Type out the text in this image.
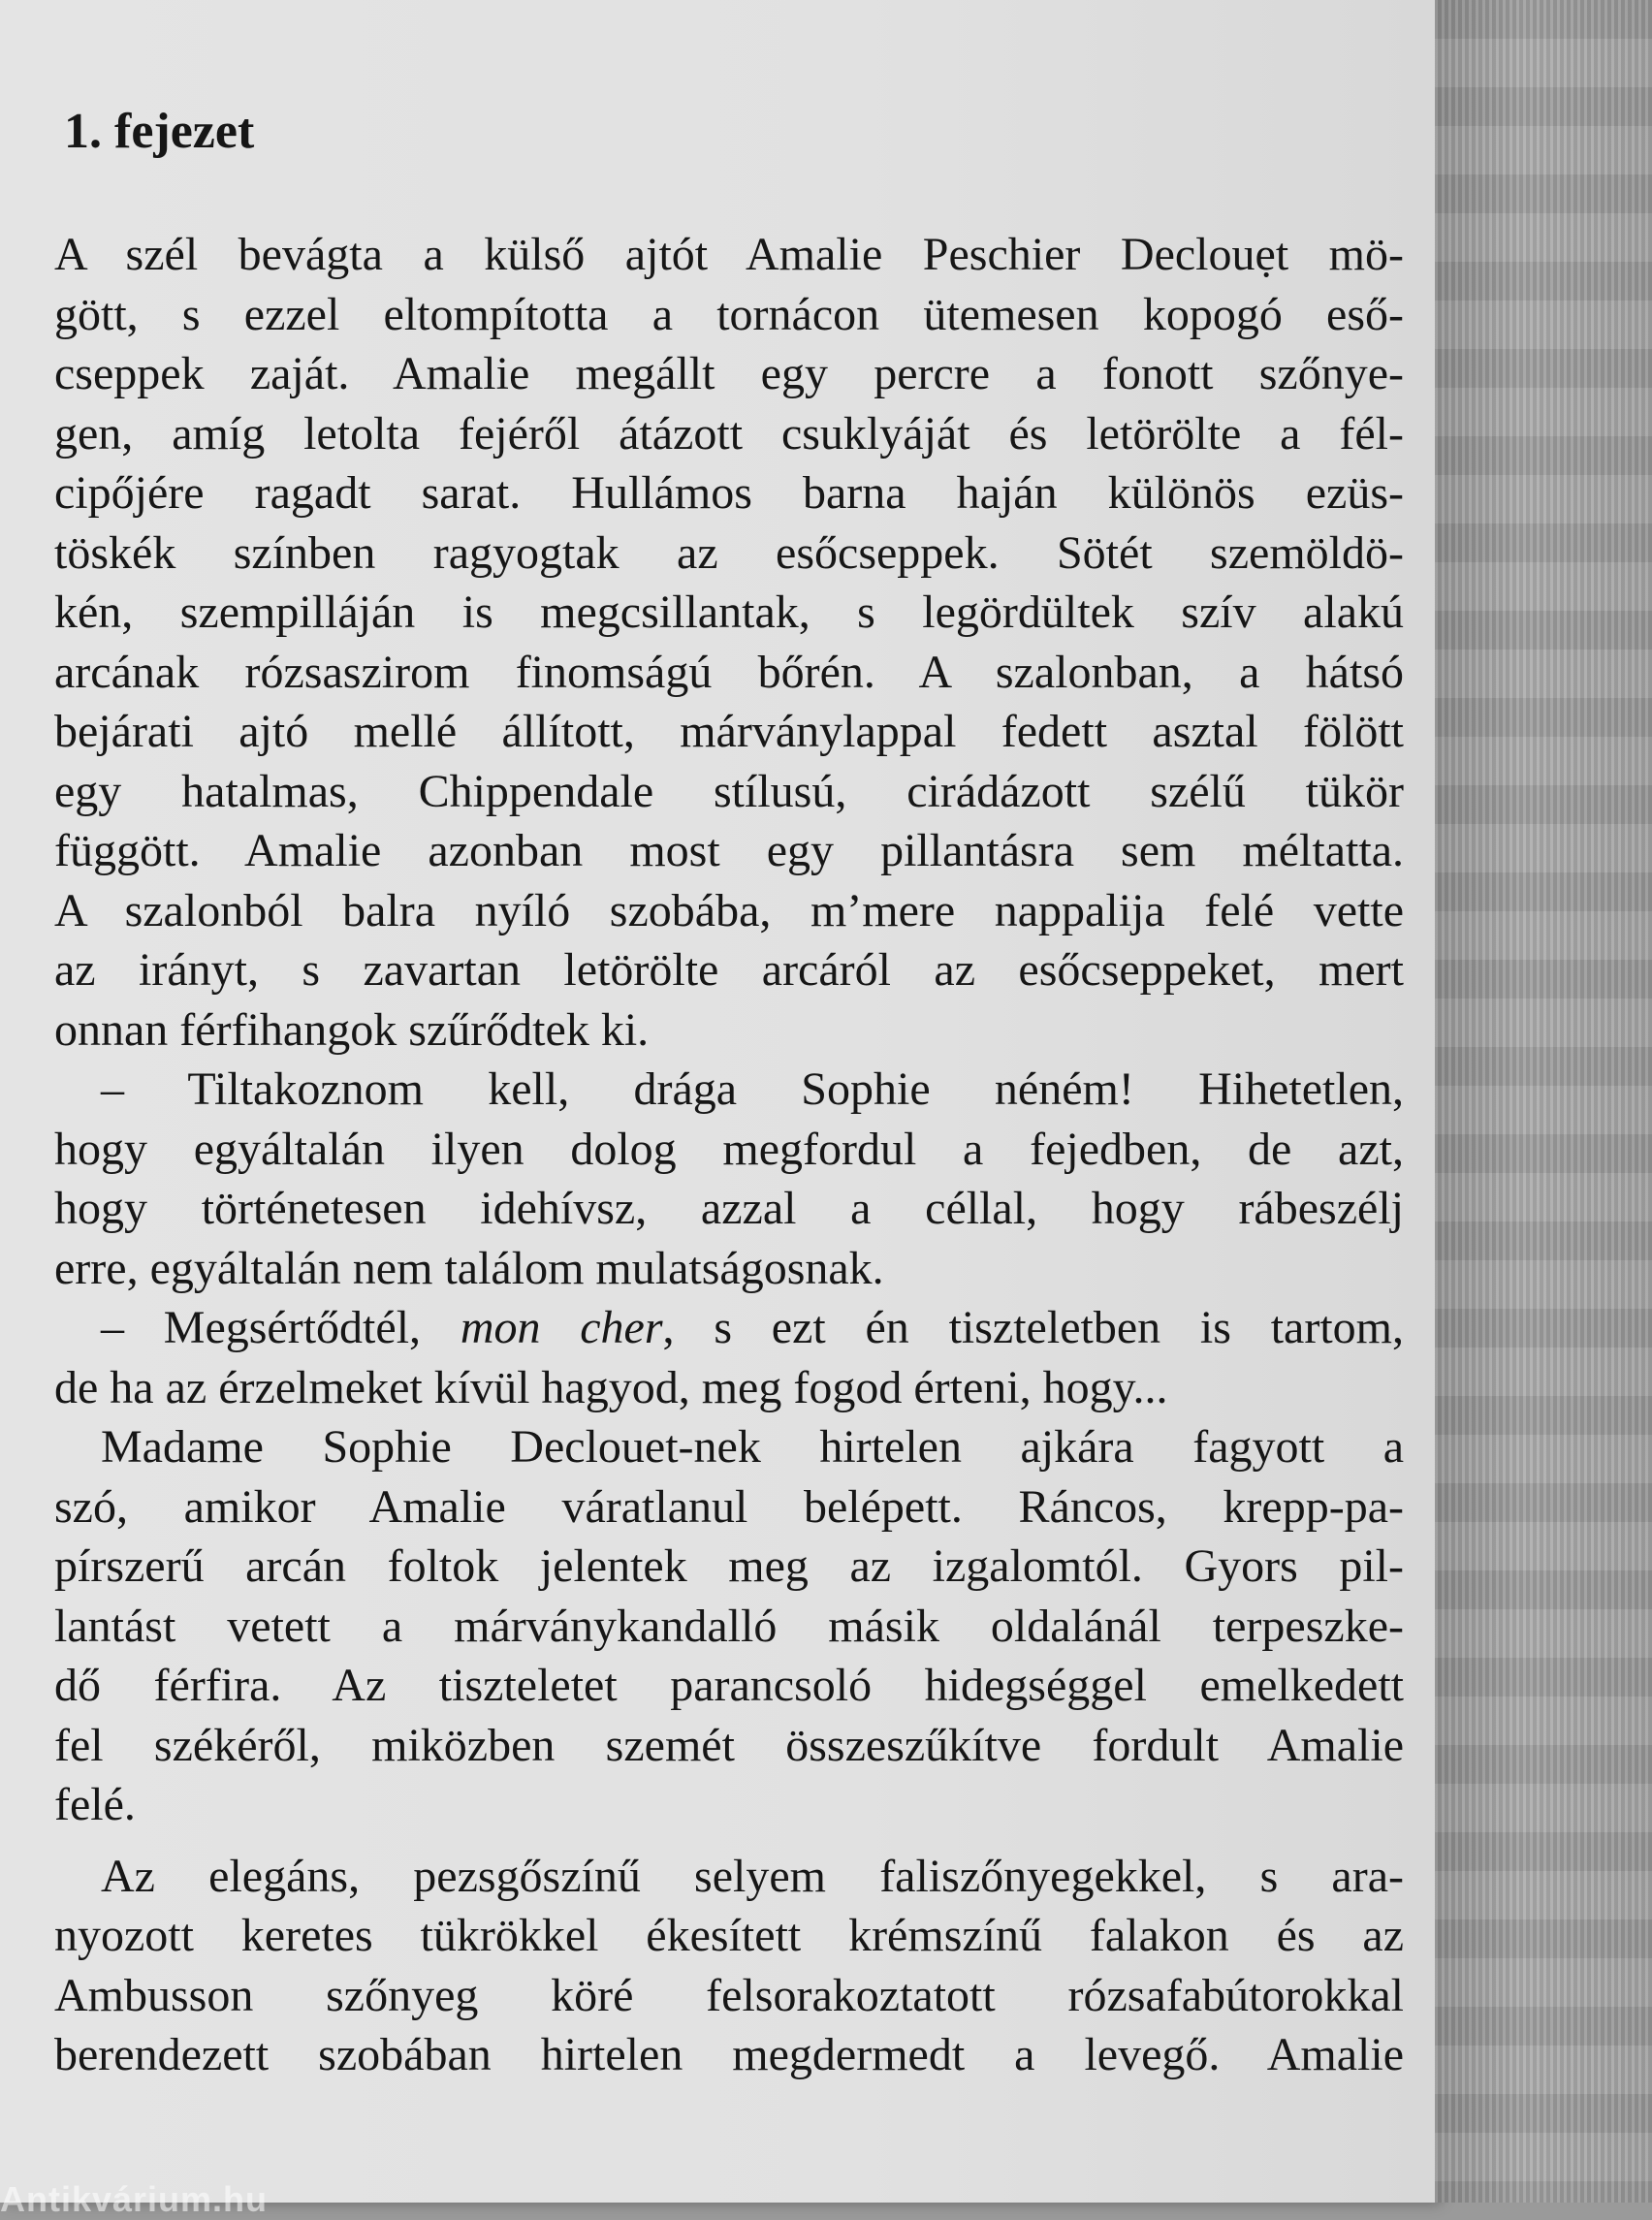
1. fejezet
A szél bevágta a külső ajtót Amalie Peschier Declouẹt mö-
gött, s ezzel eltompította a tornácon ütemesen kopogó eső-
cseppek zaját. Amalie megállt egy percre a fonott szőnye-
gen, amíg letolta fejéről átázott csuklyáját és letörölte a fél-
cipőjére ragadt sarat. Hullámos barna haján különös ezüs-
töskék színben ragyogtak az esőcseppek. Sötét szemöldö-
kén, szempilláján is megcsillantak, s legördültek szív alakú
arcának rózsaszirom finomságú bőrén. A szalonban, a hátsó
bejárati ajtó mellé állított, márványlappal fedett asztal fölött
egy hatalmas, Chippendale stílusú, cirádázott szélű tükör
függött. Amalie azonban most egy pillantásra sem méltatta.
A szalonból balra nyíló szobába, m’mere nappalija felé vette
az irányt, s zavartan letörölte arcáról az esőcseppeket, mert
onnan férfihangok szűrődtek ki.
– Tiltakoznom kell, drága Sophie néném! Hihetetlen,
hogy egyáltalán ilyen dolog megfordul a fejedben, de azt,
hogy történetesen idehívsz, azzal a céllal, hogy rábeszélj
erre, egyáltalán nem találom mulatságosnak.
– Megsértődtél, mon cher, s ezt én tiszteletben is tartom,
de ha az érzelmeket kívül hagyod, meg fogod érteni, hogy...
Madame Sophie Declouet-nek hirtelen ajkára fagyott a
szó, amikor Amalie váratlanul belépett. Ráncos, krepp-pa-
pírszerű arcán foltok jelentek meg az izgalomtól. Gyors pil-
lantást vetett a márványkandalló másik oldalánál terpeszke-
dő férfira. Az tiszteletet parancsoló hidegséggel emelkedett
fel székéről, miközben szemét összeszűkítve fordult Amalie
felé.
Az elegáns, pezsgőszínű selyem faliszőnyegekkel, s ara-
nyozott keretes tükrökkel ékesített krémszínű falakon és az
Ambusson szőnyeg köré felsorakoztatott rózsafabútorokkal
berendezett szobában hirtelen megdermedt a levegő. Amalie
Antikvárium.hu
